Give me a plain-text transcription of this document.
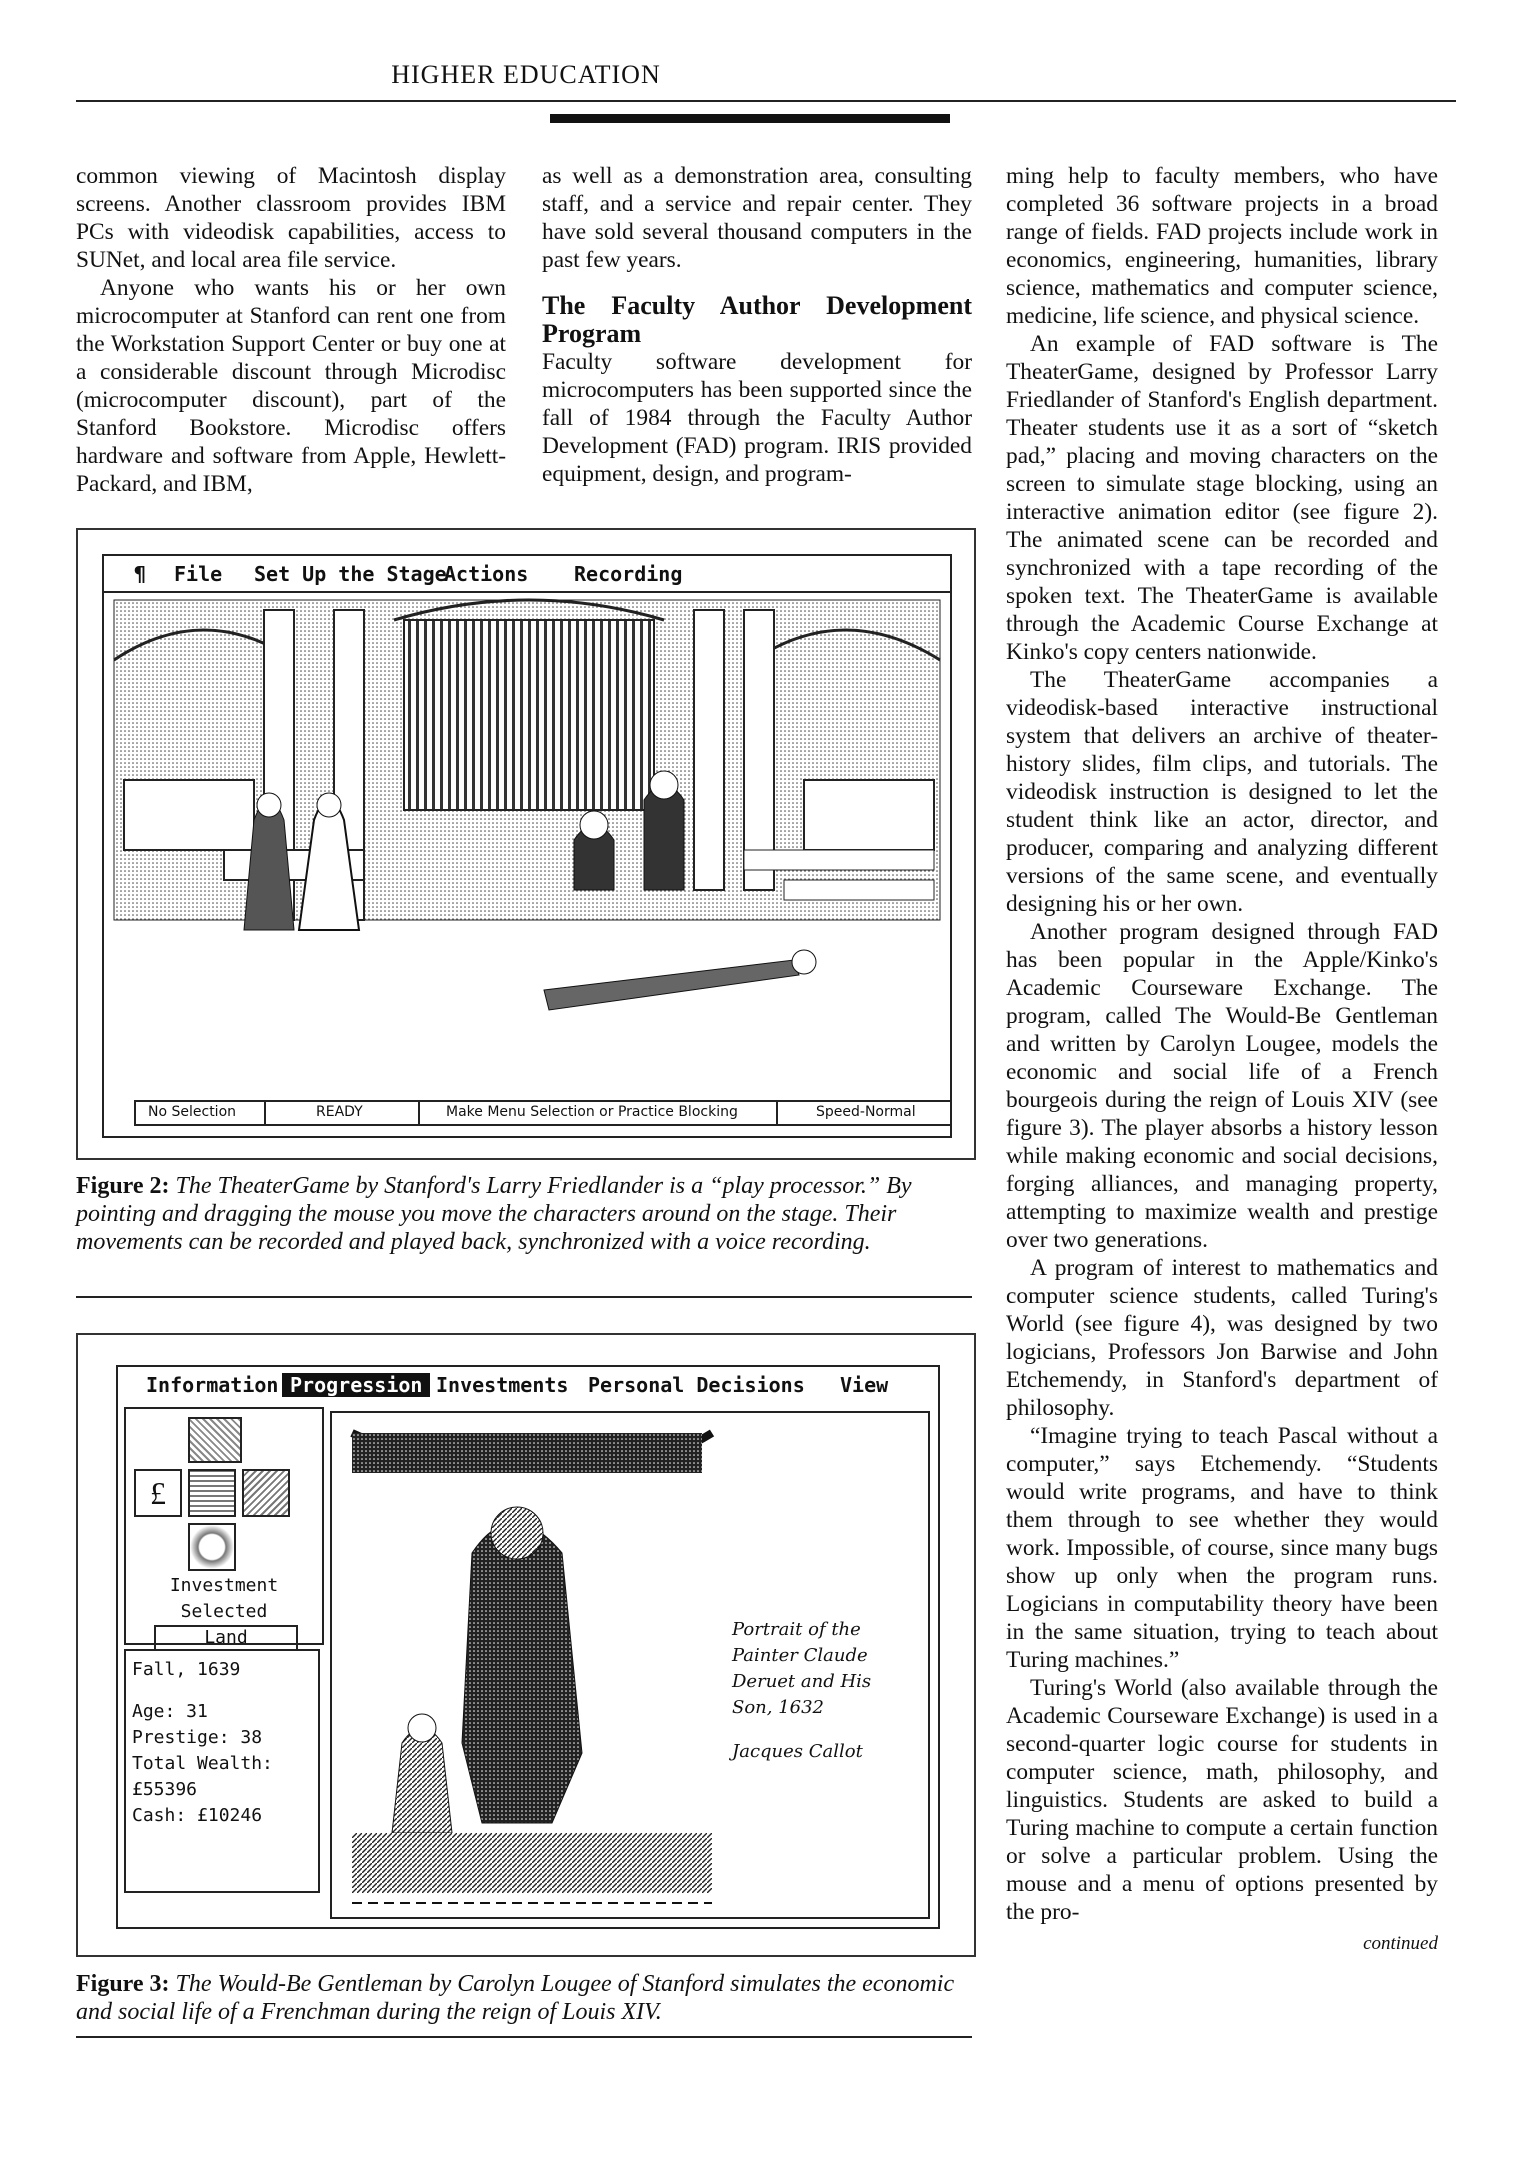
HIGHER EDUCATION

common viewing of Macintosh display screens. Another classroom provides IBM PCs with videodisk capabilities, access to SUNet, and local area file service.

Anyone who wants his or her own microcomputer at Stanford can rent one from the Workstation Support Center or buy one at a considerable discount through Microdisc (microcomputer discount), part of the Stanford Bookstore. Microdisc offers hardware and software from Apple, Hewlett-Packard, and IBM,

as well as a demonstration area, consulting staff, and a service and repair center. They have sold several thousand computers in the past few years.

The Faculty Author Development Program

Faculty software development for microcomputers has been supported since the fall of 1984 through the Faculty Author Development (FAD) program. IRIS provided equipment, design, and program-

ming help to faculty members, who have completed 36 software projects in a broad range of fields. FAD projects include work in economics, engineering, humanities, library science, mathematics and computer science, medicine, life science, and physical science.

An example of FAD software is The TheaterGame, designed by Professor Larry Friedlander of Stanford's English department. Theater students use it as a sort of “sketch pad,” placing and moving characters on the screen to simulate stage blocking, using an interactive animation editor (see figure 2). The animated scene can be recorded and synchronized with a tape recording of the spoken text. The TheaterGame is available through the Academic Course Exchange at Kinko's copy centers nationwide.

The TheaterGame accompanies a videodisk-based interactive instructional system that delivers an archive of theater-history slides, film clips, and tutorials. The videodisk instruction is designed to let the student think like an actor, director, and producer, comparing and analyzing different versions of the same scene, and eventually designing his or her own.

Another program designed through FAD has been popular in the Apple/Kinko's Academic Courseware Exchange. The program, called The Would-Be Gentleman and written by Carolyn Lougee, models the economic and social life of a French bourgeois during the reign of Louis XIV (see figure 3). The player absorbs a history lesson while making economic and social decisions, forging alliances, and managing property, attempting to maximize wealth and prestige over two generations.

A program of interest to mathematics and computer science students, called Turing's World (see figure 4), was designed by two logicians, Professors Jon Barwise and John Etchemendy, in Stanford's department of philosophy.

“Imagine trying to teach Pascal without a computer,” says Etchemendy. “Students would write programs, and have to think them through to see whether they would work. Impossible, of course, since many bugs show up only when the program runs. Logicians in computability theory have been in the same situation, trying to teach about Turing machines.”

Turing's World (also available through the Academic Courseware Exchange) is used in a second-quarter logic course for students in computer science, math, philosophy, and linguistics. Students are asked to build a Turing machine to compute a certain function or solve a particular problem. Using the mouse and a menu of options presented by the pro-

continued
¶ File Set Up the Stage
Actions Recording
No Selection	READY	Make Menu Selection or Practice Blocking	Speed-Normal
Figure 2: The TheaterGame by Stanford's Larry Friedlander is a “play processor.” By pointing and dragging the mouse you move the characters around on the stage. Their movements can be recorded and played back, synchronized with a voice recording.
Information Progression Investments Personal Decisions View
£
Investment
Selected
Land
Fall, 1639
Age: 31
Prestige: 38
Total Wealth:
£55396
Cash: £10246
Portrait of the
Painter Claude
Deruet and His
Son, 1632
Jacques Callot
Figure 3: The Would-Be Gentleman by Carolyn Lougee of Stanford simulates the economic and social life of a Frenchman during the reign of Louis XIV.
